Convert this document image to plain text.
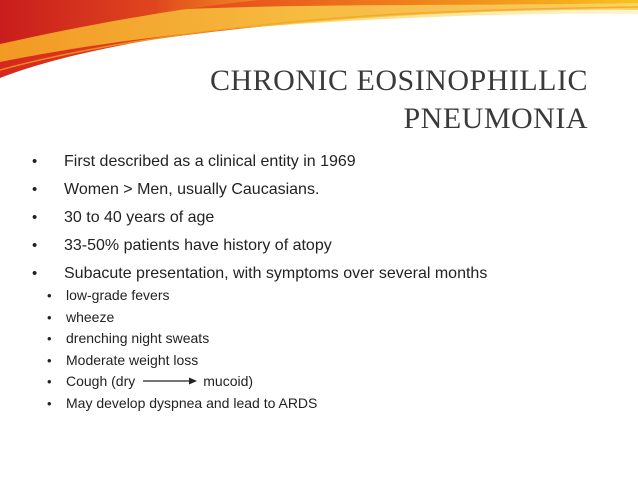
CHRONIC EOSINOPHILLIC
PNEUMONIA
• First described as a clinical entity in 1969
• Women > Men, usually Caucasians.
• 30 to 40 years of age
• 33-50% patients have history of atopy
• Subacute presentation, with symptoms over several months
• low-grade fevers
• wheeze
• drenching night sweats
• Moderate weight loss
• Cough (dry	mucoid)
• May develop dyspnea and lead to ARDS
